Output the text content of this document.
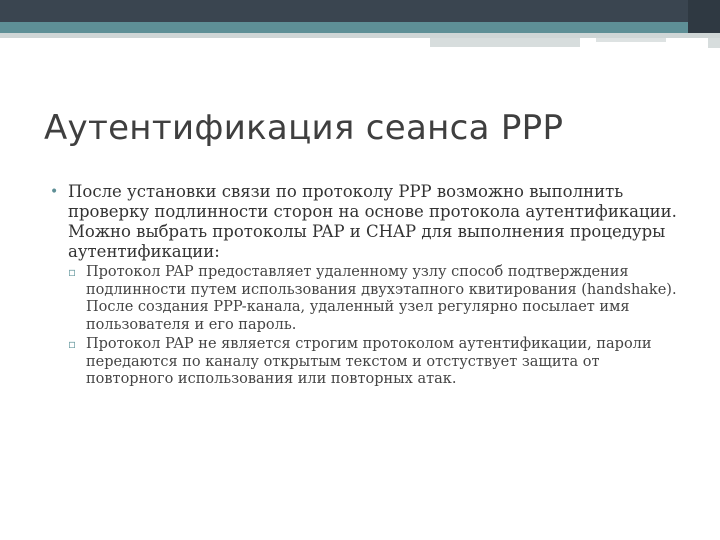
Аутентификация сеанса PPP
• После установки связи по протоколу PPP возможно выполнить проверку подлинности сторон на основе протокола аутентификации. Можно выбрать протоколы PAP и CHAP для выполнения процедуры аутентификации:
▫ Протокол PAP предоставляет удаленному узлу способ подтверждения подлинности путем использования двухэтапного квитирования (handshake). После создания PPP-канала, удаленный узел регулярно посылает имя пользователя и его пароль.
▫ Протокол PAP не является строгим протоколом аутентификации, пароли передаются по каналу открытым текстом и отстуствует защита от повторного использования или повторных атак.
